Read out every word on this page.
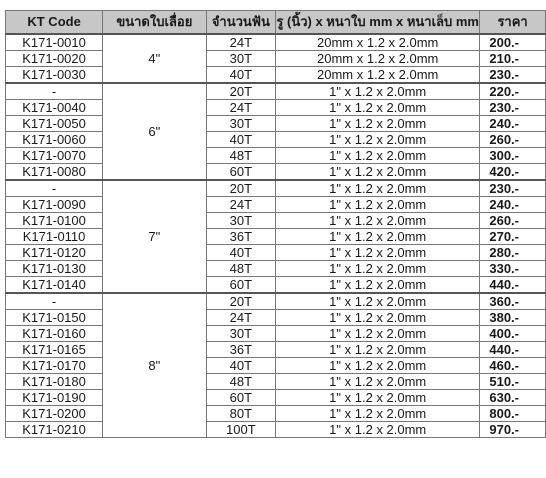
KT Code	ขนาดใบเลื่อย	จำนวนฟัน	รู (นิ้ว) x หนาใบ mm x หนาเล็บ mm	ราคา
K171-0010	4"	24T	20mm x 1.2 x 2.0mm	200.-
K171-0020		30T	20mm x 1.2 x 2.0mm	210.-
K171-0030		40T	20mm x 1.2 x 2.0mm	230.-
-	6"	20T	1" x 1.2 x 2.0mm	220.-
K171-0040		24T	1" x 1.2 x 2.0mm	230.-
K171-0050		30T	1" x 1.2 x 2.0mm	240.-
K171-0060		40T	1" x 1.2 x 2.0mm	260.-
K171-0070		48T	1" x 1.2 x 2.0mm	300.-
K171-0080		60T	1" x 1.2 x 2.0mm	420.-
-	7"	20T	1" x 1.2 x 2.0mm	230.-
K171-0090		24T	1" x 1.2 x 2.0mm	240.-
K171-0100		30T	1" x 1.2 x 2.0mm	260.-
K171-0110		36T	1" x 1.2 x 2.0mm	270.-
K171-0120		40T	1" x 1.2 x 2.0mm	280.-
K171-0130		48T	1" x 1.2 x 2.0mm	330.-
K171-0140		60T	1" x 1.2 x 2.0mm	440.-
-	8"	20T	1" x 1.2 x 2.0mm	360.-
K171-0150		24T	1" x 1.2 x 2.0mm	380.-
K171-0160		30T	1" x 1.2 x 2.0mm	400.-
K171-0165		36T	1" x 1.2 x 2.0mm	440.-
K171-0170		40T	1" x 1.2 x 2.0mm	460.-
K171-0180		48T	1" x 1.2 x 2.0mm	510.-
K171-0190		60T	1" x 1.2 x 2.0mm	630.-
K171-0200		80T	1" x 1.2 x 2.0mm	800.-
K171-0210		100T	1" x 1.2 x 2.0mm	970.-
